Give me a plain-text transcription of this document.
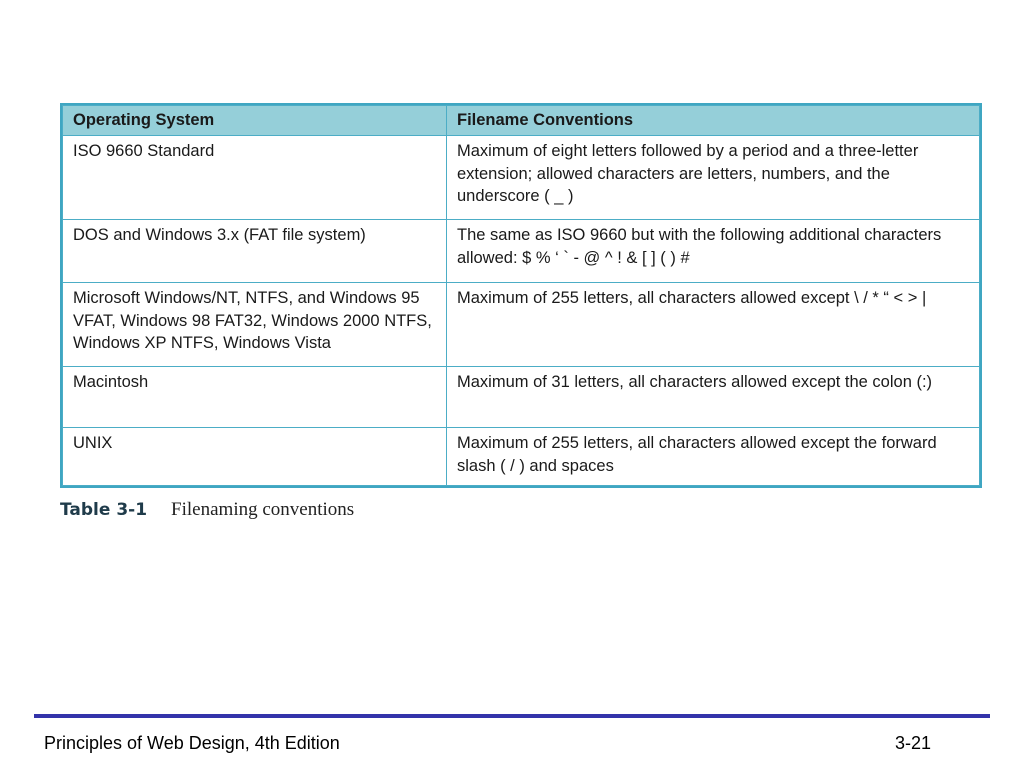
Operating System	Filename Conventions
ISO 9660 Standard	Maximum of eight letters followed by a period and a three-letter extension; allowed characters are letters, numbers, and the underscore ( _ )
DOS and Windows 3.x (FAT file system)	The same as ISO 9660 but with the following additional characters allowed: $ % ‘ ` - @ ^ ! & [ ] ( ) #
Microsoft Windows/NT, NTFS, and Windows 95 VFAT, Windows 98 FAT32, Windows 2000 NTFS, Windows XP NTFS, Windows Vista	Maximum of 255 letters, all characters allowed except \ / * “ < > |
Macintosh	Maximum of 31 letters, all characters allowed except the colon (:)
UNIX	Maximum of 255 letters, all characters allowed except the forward slash ( / ) and spaces
Table 3-1 Filenaming conventions
Principles of Web Design, 4th Edition	3-21
